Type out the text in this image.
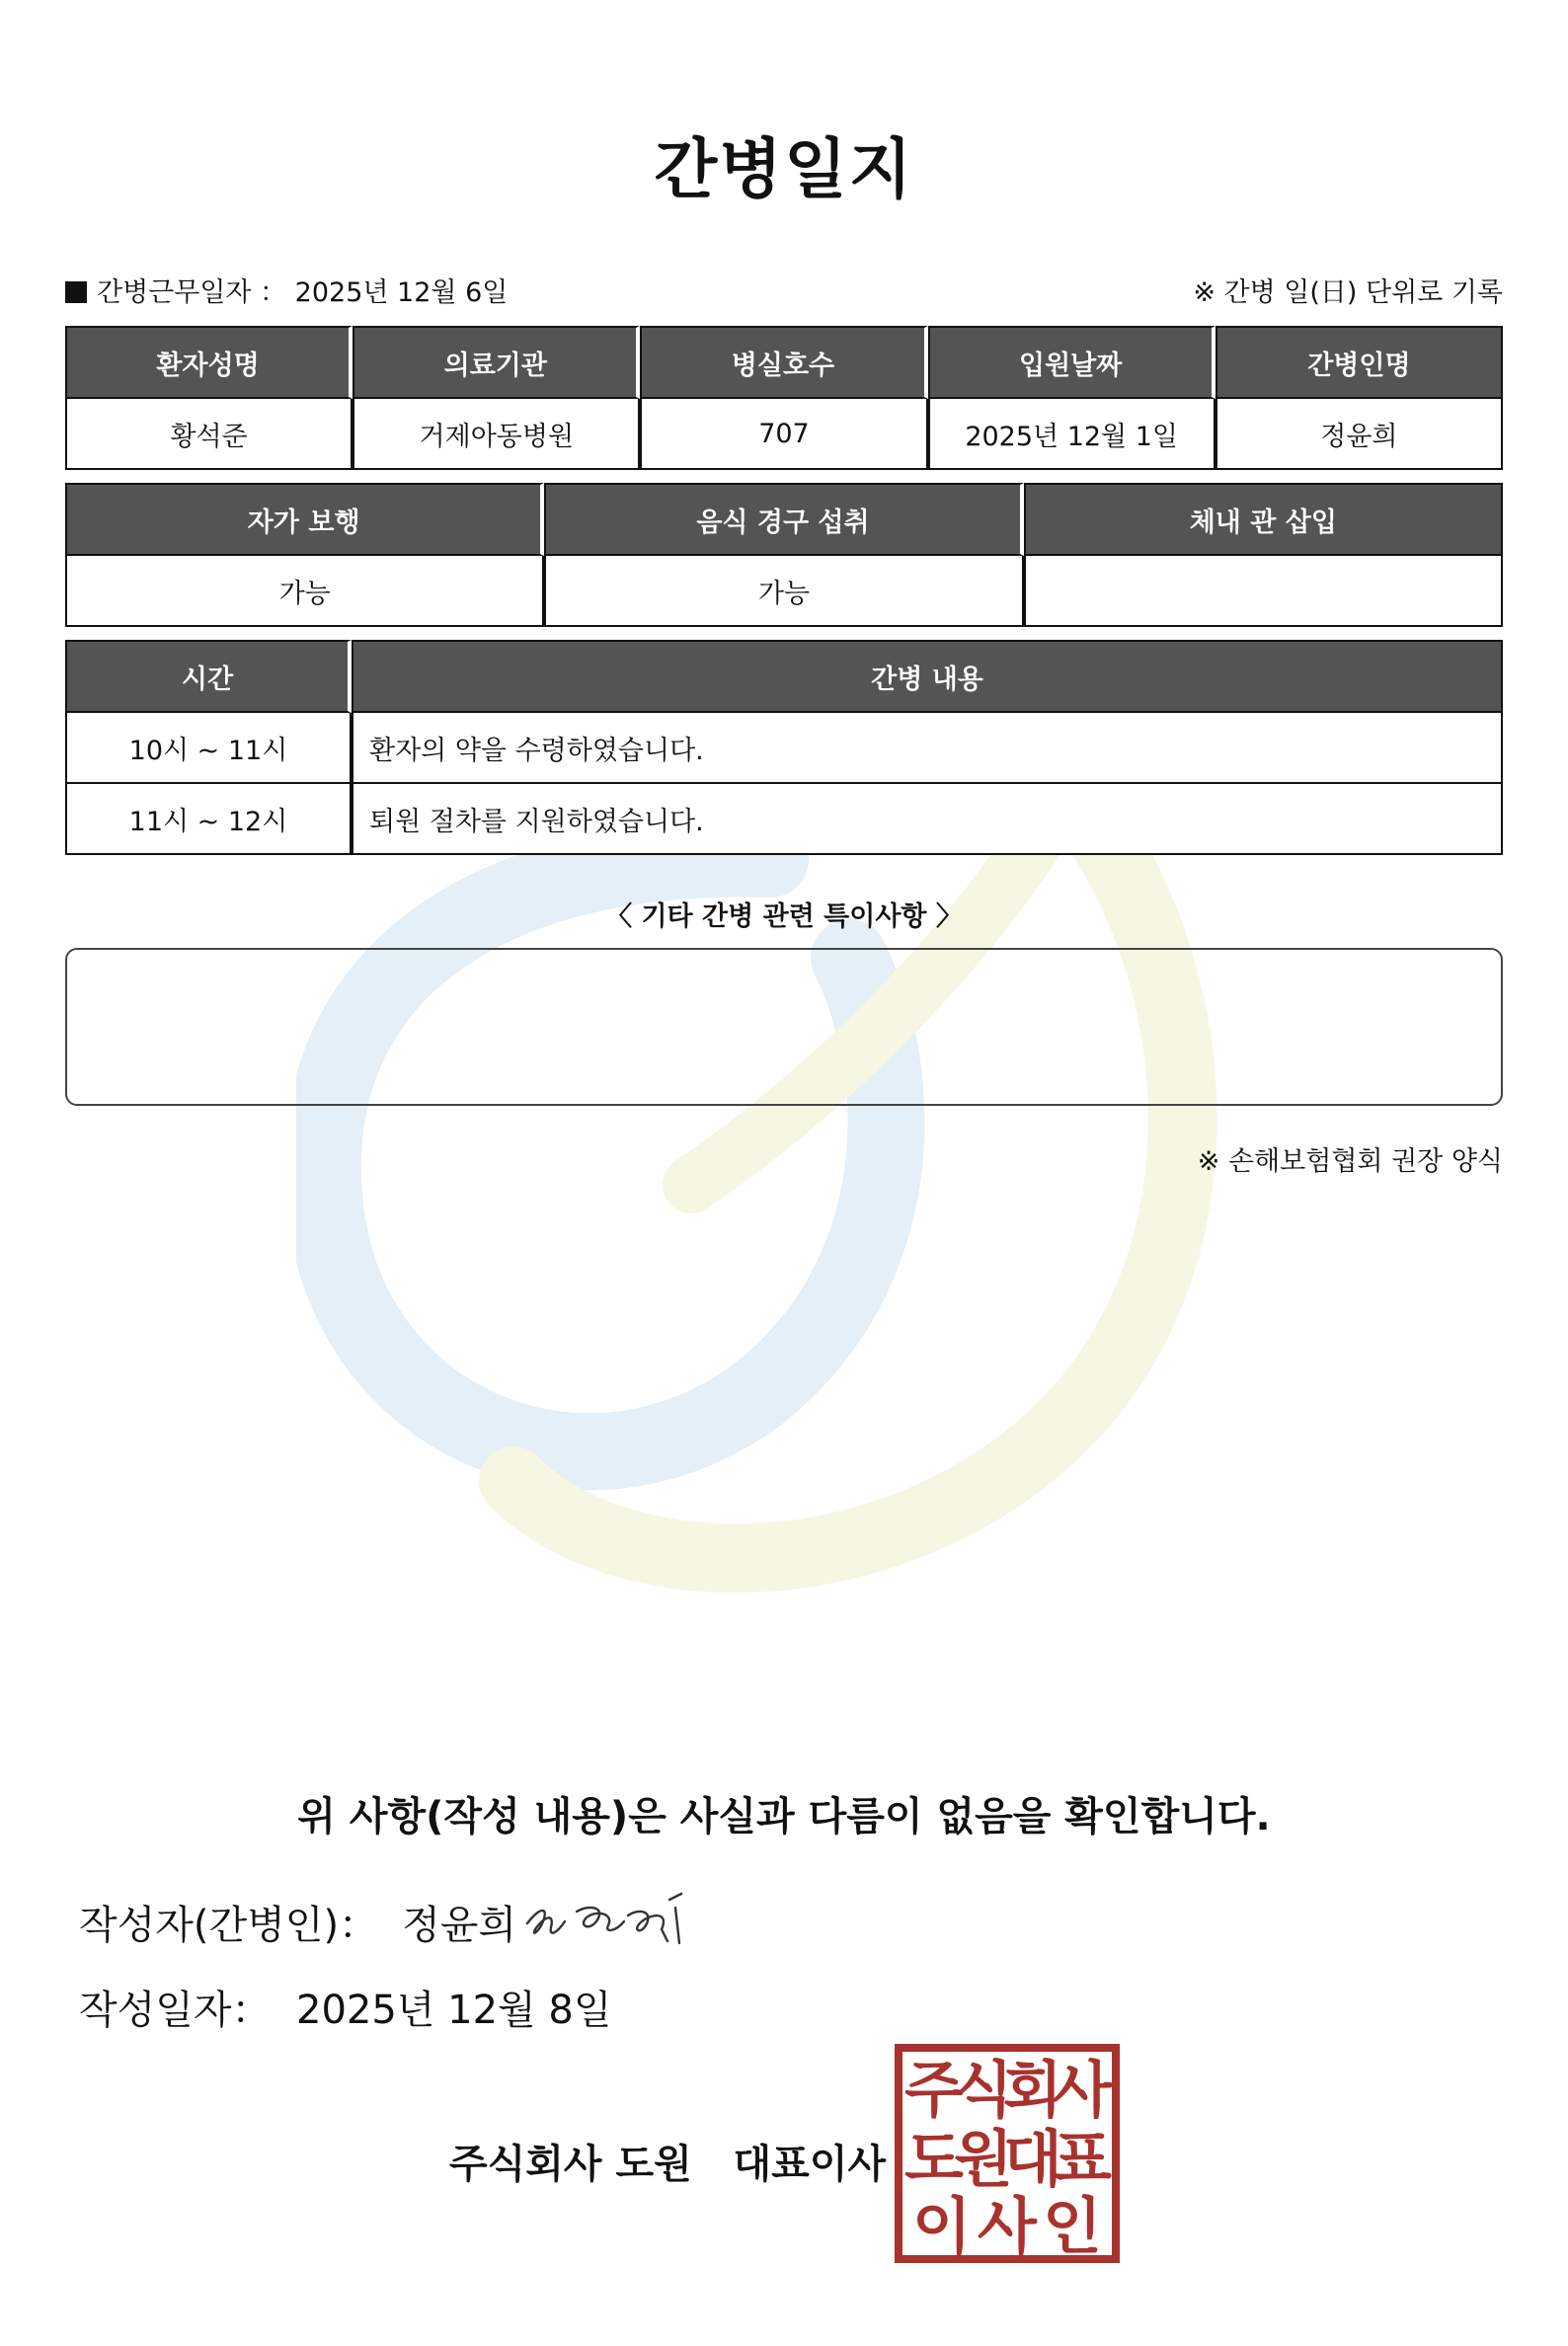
간병일지
간병근무일자 ： 2025년 12월 6일	※ 간병 일(日) 단위로 기록
환자성명	의료기관	병실호수	입원날짜	간병인명
황석준	거제아동병원	707	2025년 12월 1일	정윤희
자가 보행	음식 경구 섭취	체내 관 삽입
가능	가능	
시간	간병 내용
10시 ~ 11시	환자의 약을 수령하였습니다.
11시 ~ 12시	퇴원 절차를 지원하였습니다.
〈 기타 간병 관련 특이사항 〉
※ 손해보험협회 권장 양식
위 사항(작성 내용)은 사실과 다름이 없음을 확인합니다.
작성자(간병인)： 정윤희
작성일자： 2025년 12월 8일
주식회사 도원   대표이사
주
식
회
사
도
원
대
표
이 사 인
